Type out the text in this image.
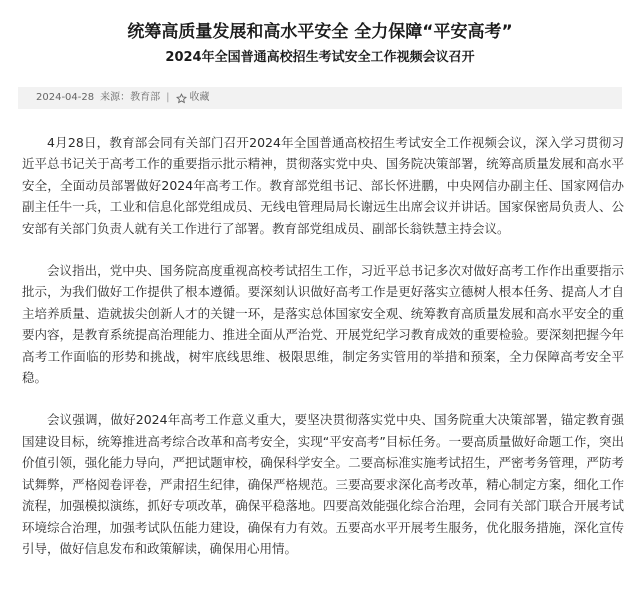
统筹高质量发展和高水平安全 全力保障“平安高考”
2024年全国普通高校招生考试安全工作视频会议召开
2024-04-28 来源：教育部 | 收藏

4月28日，教育部会同有关部门召开2024年全国普通高校招生考试安全工作视频会议，深入学习贯彻习近平总书记关于高考工作的重要指示批示精神，贯彻落实党中央、国务院决策部署，统筹高质量发展和高水平安全，全面动员部署做好2024年高考工作。教育部党组书记、部长怀进鹏，中央网信办副主任、国家网信办副主任牛一兵，工业和信息化部党组成员、无线电管理局局长谢远生出席会议并讲话。国家保密局负责人、公安部有关部门负责人就有关工作进行了部署。教育部党组成员、副部长翁铁慧主持会议。

会议指出，党中央、国务院高度重视高校考试招生工作，习近平总书记多次对做好高考工作作出重要指示批示，为我们做好工作提供了根本遵循。要深刻认识做好高考工作是更好落实立德树人根本任务、提高人才自主培养质量、造就拔尖创新人才的关键一环，是落实总体国家安全观、统筹教育高质量发展和高水平安全的重要内容，是教育系统提高治理能力、推进全面从严治党、开展党纪学习教育成效的重要检验。要深刻把握今年高考工作面临的形势和挑战，树牢底线思维、极限思维，制定务实管用的举措和预案，全力保障高考安全平稳。

会议强调，做好2024年高考工作意义重大，要坚决贯彻落实党中央、国务院重大决策部署，锚定教育强国建设目标，统筹推进高考综合改革和高考安全，实现“平安高考”目标任务。一要高质量做好命题工作，突出价值引领，强化能力导向，严把试题审校，确保科学安全。二要高标准实施考试招生，严密考务管理，严防考试舞弊，严格阅卷评卷，严肃招生纪律，确保严格规范。三要高要求深化高考改革，精心制定方案，细化工作流程，加强模拟演练，抓好专项改革，确保平稳落地。四要高效能强化综合治理，会同有关部门联合开展考试环境综合治理，加强考试队伍能力建设，确保有力有效。五要高水平开展考生服务，优化服务措施，深化宣传引导，做好信息发布和政策解读，确保用心用情。
